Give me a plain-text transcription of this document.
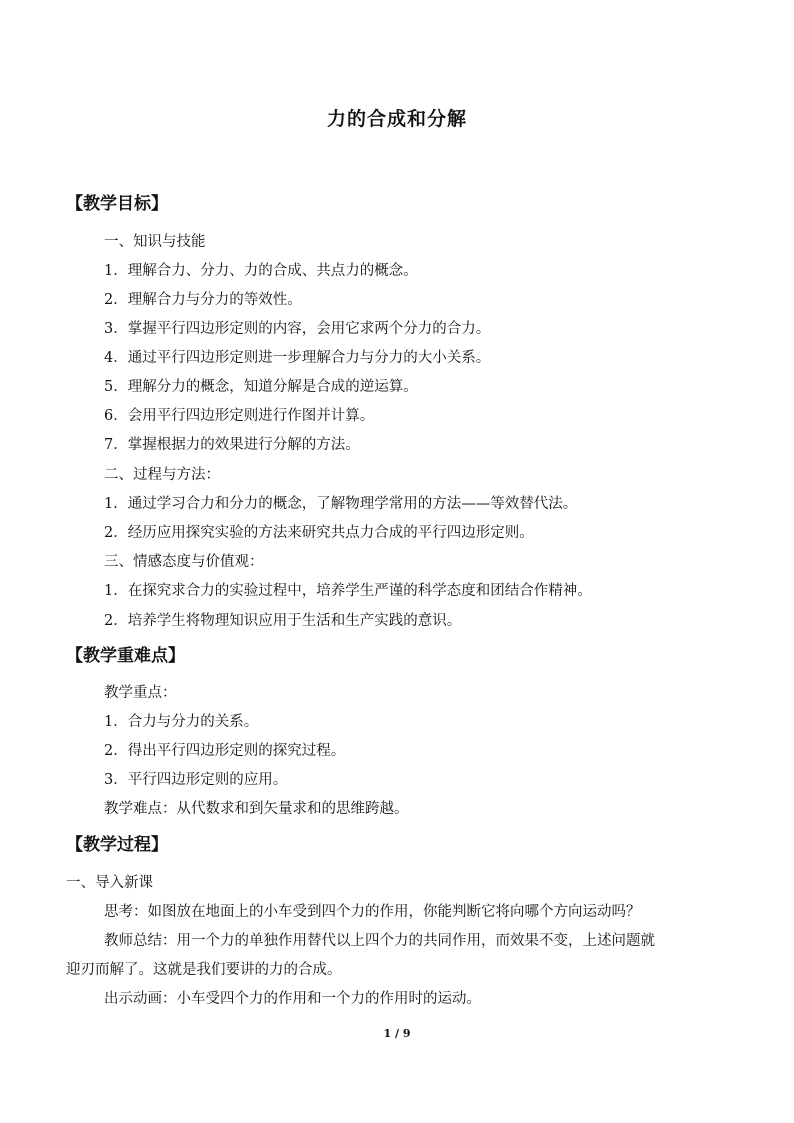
力的合成和分解
【教学目标】
一、知识与技能
1．理解合力、分力、力的合成、共点力的概念。
2．理解合力与分力的等效性。
3．掌握平行四边形定则的内容，会用它求两个分力的合力。
4．通过平行四边形定则进一步理解合力与分力的大小关系。
5．理解分力的概念，知道分解是合成的逆运算。
6．会用平行四边形定则进行作图并计算。
7．掌握根据力的效果进行分解的方法。
二、过程与方法：
1．通过学习合力和分力的概念，了解物理学常用的方法——等效替代法。
2．经历应用探究实验的方法来研究共点力合成的平行四边形定则。
三、情感态度与价值观：
1．在探究求合力的实验过程中，培养学生严谨的科学态度和团结合作精神。
2．培养学生将物理知识应用于生活和生产实践的意识。
【教学重难点】
教学重点：
1．合力与分力的关系。
2．得出平行四边形定则的探究过程。
3．平行四边形定则的应用。
教学难点：从代数求和到矢量求和的思维跨越。
【教学过程】
一、导入新课
思考：如图放在地面上的小车受到四个力的作用，你能判断它将向哪个方向运动吗？
教师总结：用一个力的单独作用替代以上四个力的共同作用，而效果不变，上述问题就
迎刃而解了。这就是我们要讲的力的合成。
出示动画：小车受四个力的作用和一个力的作用时的运动。
1 / 9
